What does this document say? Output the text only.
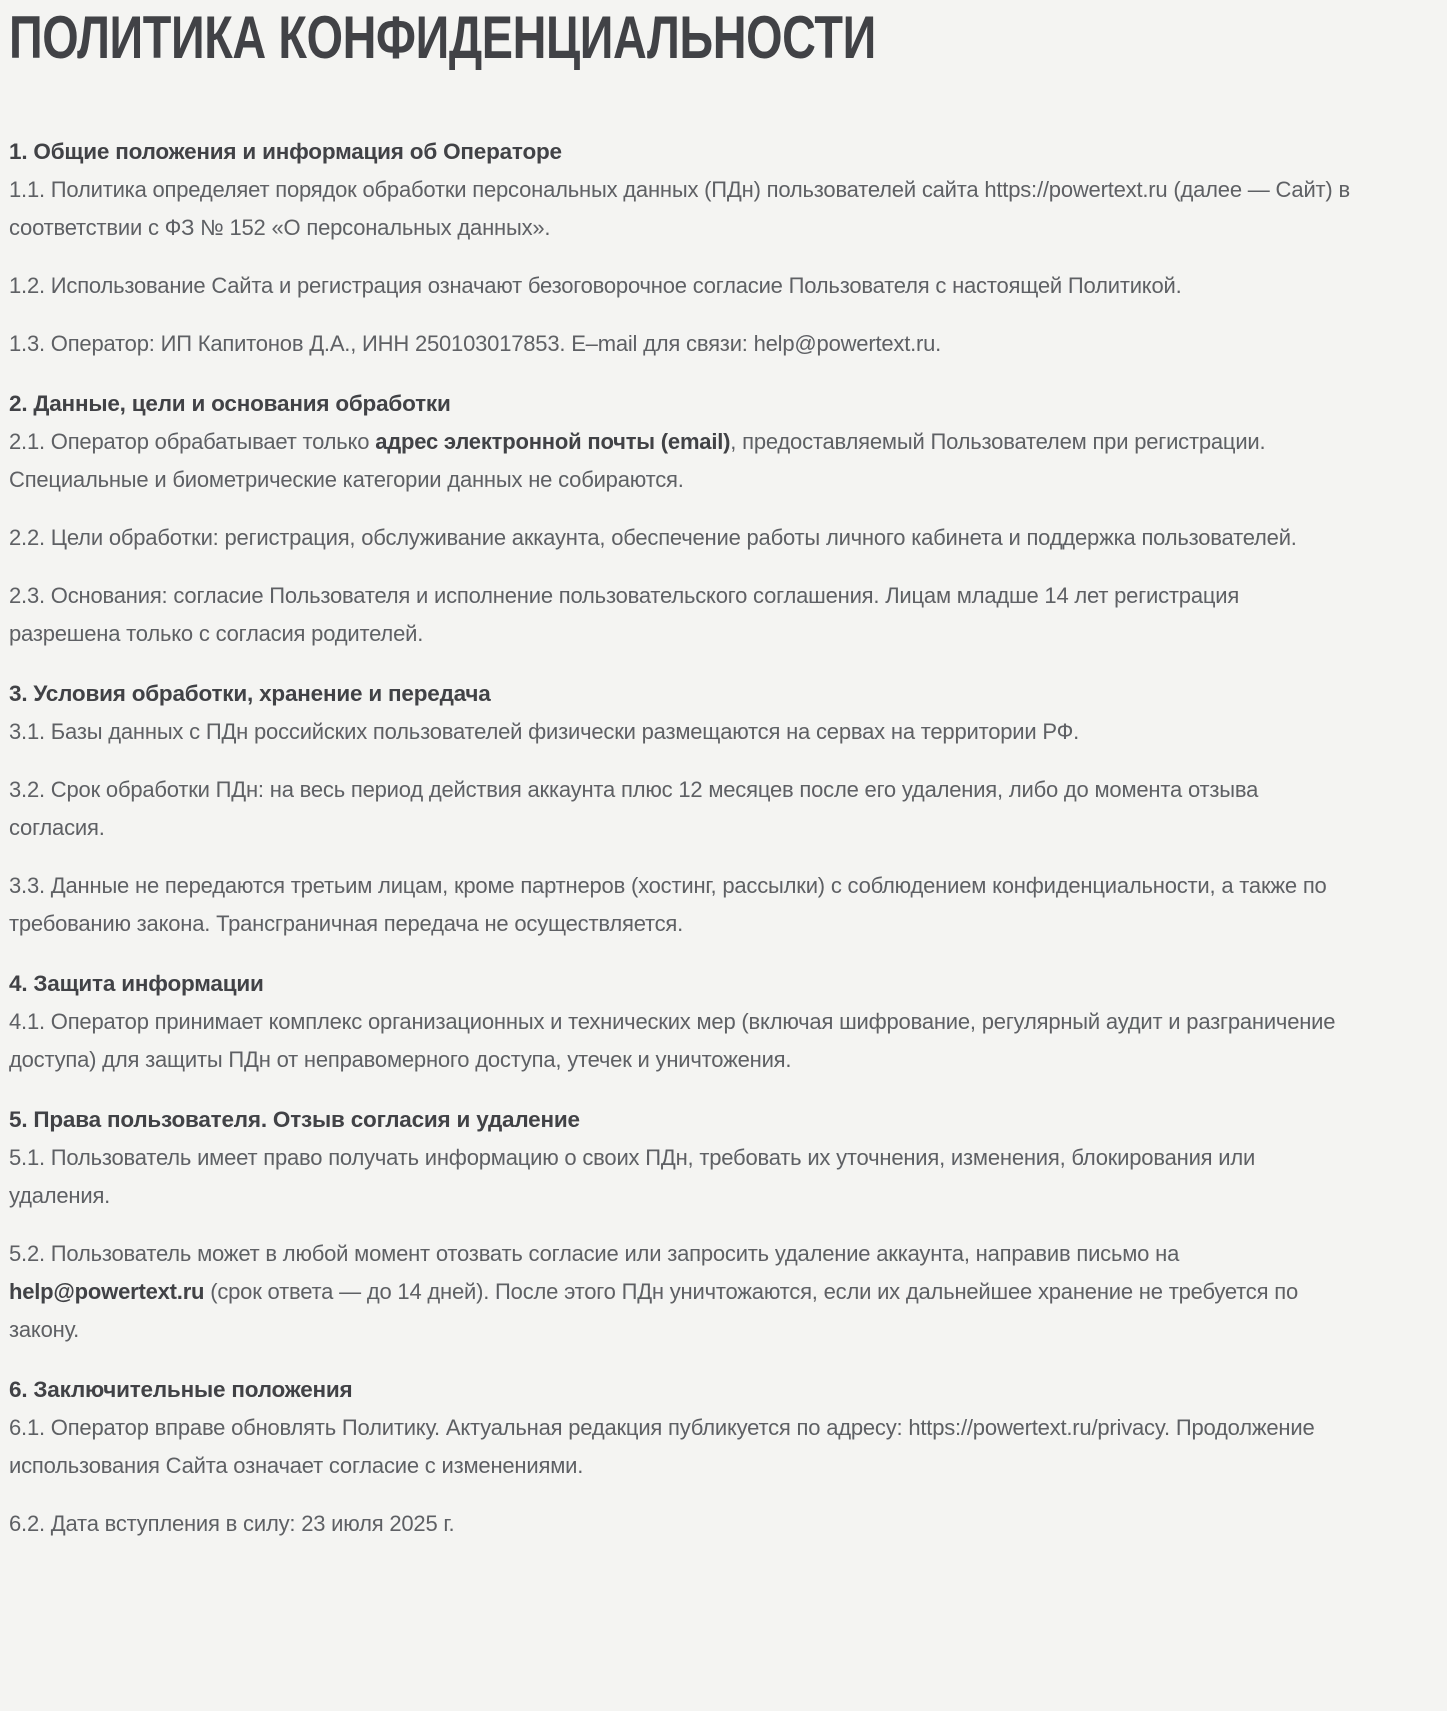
ПОЛИТИКА КОНФИДЕНЦИАЛЬНОСТИ
1. Общие положения и информация об Операторе

1.1. Политика определяет порядок обработки персональных данных (ПДн) пользователей сайта https://powertext.ru (далее — Сайт) в соответствии с ФЗ № 152 «О персональных данных».

1.2. Использование Сайта и регистрация означают безоговорочное согласие Пользователя с настоящей Политикой.

1.3. Оператор: ИП Капитонов Д.А., ИНН 250103017853. E–mail для связи: help@powertext.ru.

2. Данные, цели и основания обработки

2.1. Оператор обрабатывает только адрес электронной почты (email), предоставляемый Пользователем при регистрации. Специальные и биометрические категории данных не собираются.

2.2. Цели обработки: регистрация, обслуживание аккаунта, обеспечение работы личного кабинета и поддержка пользователей.

2.3. Основания: согласие Пользователя и исполнение пользовательского соглашения. Лицам младше 14 лет регистрация разрешена только с согласия родителей.

3. Условия обработки, хранение и передача

3.1. Базы данных с ПДн российских пользователей физически размещаются на сервах на территории РФ.

3.2. Срок обработки ПДн: на весь период действия аккаунта плюс 12 месяцев после его удаления, либо до момента отзыва согласия.

3.3. Данные не передаются третьим лицам, кроме партнеров (хостинг, рассылки) с соблюдением конфиденциальности, а также по требованию закона. Трансграничная передача не осуществляется.

4. Защита информации

4.1. Оператор принимает комплекс организационных и технических мер (включая шифрование, регулярный аудит и разграничение доступа) для защиты ПДн от неправомерного доступа, утечек и уничтожения.

5. Права пользователя. Отзыв согласия и удаление

5.1. Пользователь имеет право получать информацию о своих ПДн, требовать их уточнения, изменения, блокирования или удаления.

5.2. Пользователь может в любой момент отозвать согласие или запросить удаление аккаунта, направив письмо на help@powertext.ru (срок ответа — до 14 дней). После этого ПДн уничтожаются, если их дальнейшее хранение не требуется по закону.

6. Заключительные положения

6.1. Оператор вправе обновлять Политику. Актуальная редакция публикуется по адресу: https://powertext.ru/privacy. Продолжение использования Сайта означает согласие с изменениями.

6.2. Дата вступления в силу: 23 июля 2025 г.
